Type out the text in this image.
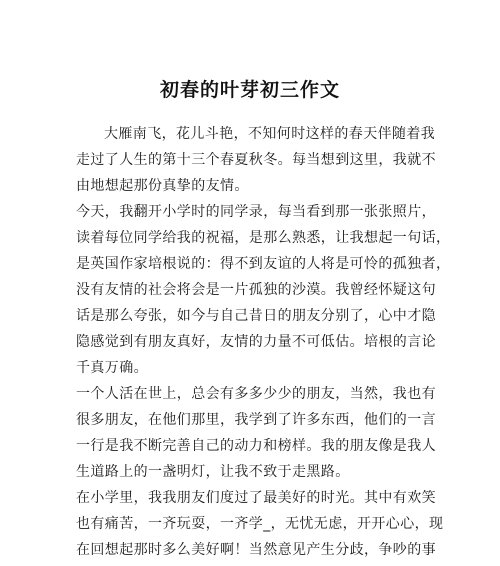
初春的叶芽初三作文
大雁南飞，花儿斗艳，不知何时这样的春天伴随着我
走过了人生的第十三个春夏秋冬。每当想到这里，我就不
由地想起那份真挚的友情。
今天，我翻开小学时的同学录，每当看到那一张张照片，
读着每位同学给我的祝福，是那么熟悉，让我想起一句话，
是英国作家培根说的：得不到友谊的人将是可怜的孤独者，
没有友情的社会将会是一片孤独的沙漠。我曾经怀疑这句
话是那么夸张，如今与自己昔日的朋友分别了，心中才隐
隐感觉到有朋友真好，友情的力量不可低估。培根的言论
千真万确。
一个人活在世上，总会有多多少少的朋友，当然，我也有
很多朋友，在他们那里，我学到了许多东西，他们的一言
一行是我不断完善自己的动力和榜样。我的朋友像是我人
生道路上的一盏明灯，让我不致于走黑路。
在小学里，我我朋友们度过了最美好的时光。其中有欢笑
也有痛苦，一齐玩耍，一齐学_，无忧无虑，开开心心，现
在回想起那时多么美好啊！当然意见产生分歧，争吵的事
